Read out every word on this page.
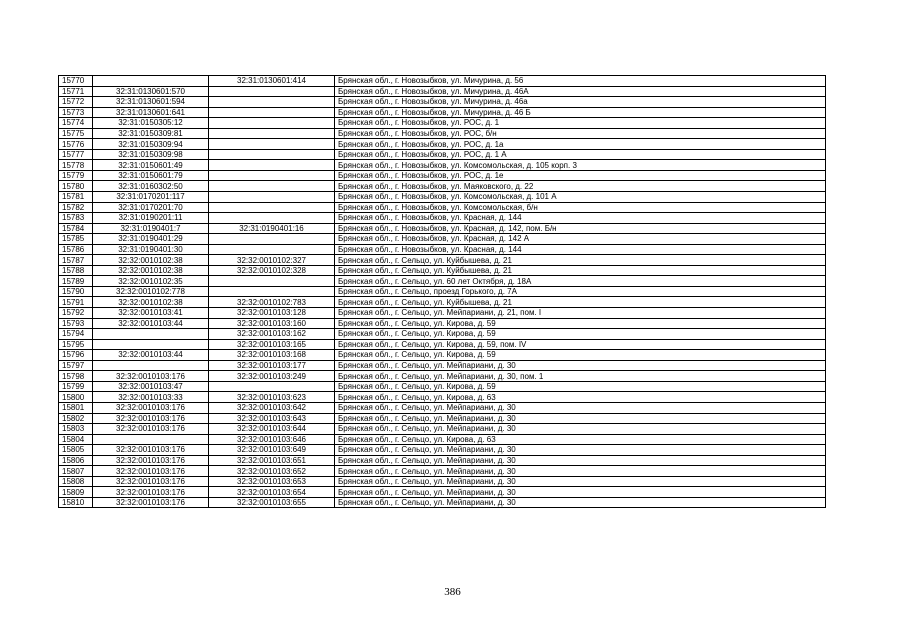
15770		32:31:0130601:414	Брянская обл., г. Новозыбков, ул. Мичурина, д. 56
15771	32:31:0130601:570		Брянская обл., г. Новозыбков, ул. Мичурина, д. 46А
15772	32:31:0130601:594		Брянская обл., г. Новозыбков, ул. Мичурина, д. 46а
15773	32:31:0130601:641		Брянская обл., г. Новозыбков, ул. Мичурина, д. 46 Б
15774	32:31:0150305:12		Брянская обл., г. Новозыбков, ул. РОС, д. 1
15775	32:31:0150309:81		Брянская обл., г. Новозыбков, ул. РОС, б/н
15776	32:31:0150309:94		Брянская обл., г. Новозыбков, ул. РОС, д. 1а
15777	32:31:0150309:98		Брянская обл., г. Новозыбков, ул. РОС, д. 1 А
15778	32:31:0150601:49		Брянская обл., г. Новозыбков, ул. Комсомольская, д. 105 корп. 3
15779	32:31:0150601:79		Брянская обл., г. Новозыбков, ул. РОС, д. 1е
15780	32:31:0160302:50		Брянская обл., г. Новозыбков, ул. Маяковского, д. 22
15781	32:31:0170201:117		Брянская обл., г. Новозыбков, ул. Комсомольская, д. 101 А
15782	32:31:0170201:70		Брянская обл., г. Новозыбков, ул. Комсомольская, б/н
15783	32:31:0190201:11		Брянская обл., г. Новозыбков, ул. Красная, д. 144
15784	32:31:0190401:7	32:31:0190401:16	Брянская обл., г. Новозыбков, ул. Красная, д. 142, пом. Б/н
15785	32:31:0190401:29		Брянская обл., г. Новозыбков, ул. Красная, д. 142 А
15786	32:31:0190401:30		Брянская обл., г. Новозыбков, ул. Красная, д. 144
15787	32:32:0010102:38	32:32:0010102:327	Брянская обл., г. Сельцо, ул. Куйбышева, д. 21
15788	32:32:0010102:38	32:32:0010102:328	Брянская обл., г. Сельцо, ул. Куйбышева, д. 21
15789	32:32:0010102:35		Брянская обл., г. Сельцо, ул. 60 лет Октября, д. 18А
15790	32:32:0010102:778		Брянская обл., г. Сельцо, проезд Горького, д. 7А
15791	32:32:0010102:38	32:32:0010102:783	Брянская обл., г. Сельцо, ул. Куйбышева, д. 21
15792	32:32:0010103:41	32:32:0010103:128	Брянская обл., г. Сельцо, ул. Мейпариани, д. 21, пом. I
15793	32:32:0010103:44	32:32:0010103:160	Брянская обл., г. Сельцо, ул. Кирова, д. 59
15794		32:32:0010103:162	Брянская обл., г. Сельцо, ул. Кирова, д. 59
15795		32:32:0010103:165	Брянская обл., г. Сельцо, ул. Кирова, д. 59, пом. IV
15796	32:32:0010103:44	32:32:0010103:168	Брянская обл., г. Сельцо, ул. Кирова, д. 59
15797		32:32:0010103:177	Брянская обл., г. Сельцо, ул. Мейпариани, д. 30
15798	32:32:0010103:176	32:32:0010103:249	Брянская обл., г. Сельцо, ул. Мейпариани, д. 30, пом. 1
15799	32:32:0010103:47		Брянская обл., г. Сельцо, ул. Кирова, д. 59
15800	32:32:0010103:33	32:32:0010103:623	Брянская обл., г. Сельцо, ул. Кирова, д. 63
15801	32:32:0010103:176	32:32:0010103:642	Брянская обл., г. Сельцо, ул. Мейпариани, д. 30
15802	32:32:0010103:176	32:32:0010103:643	Брянская обл., г. Сельцо, ул. Мейпариани, д. 30
15803	32:32:0010103:176	32:32:0010103:644	Брянская обл., г. Сельцо, ул. Мейпариани, д. 30
15804		32:32:0010103:646	Брянская обл., г. Сельцо, ул. Кирова, д. 63
15805	32:32:0010103:176	32:32:0010103:649	Брянская обл., г. Сельцо, ул. Мейпариани, д. 30
15806	32:32:0010103:176	32:32:0010103:651	Брянская обл., г. Сельцо, ул. Мейпариани, д. 30
15807	32:32:0010103:176	32:32:0010103:652	Брянская обл., г. Сельцо, ул. Мейпариани, д. 30
15808	32:32:0010103:176	32:32:0010103:653	Брянская обл., г. Сельцо, ул. Мейпариани, д. 30
15809	32:32:0010103:176	32:32:0010103:654	Брянская обл., г. Сельцо, ул. Мейпариани, д. 30
15810	32:32:0010103:176	32:32:0010103:655	Брянская обл., г. Сельцо, ул. Мейпариани, д. 30
386
